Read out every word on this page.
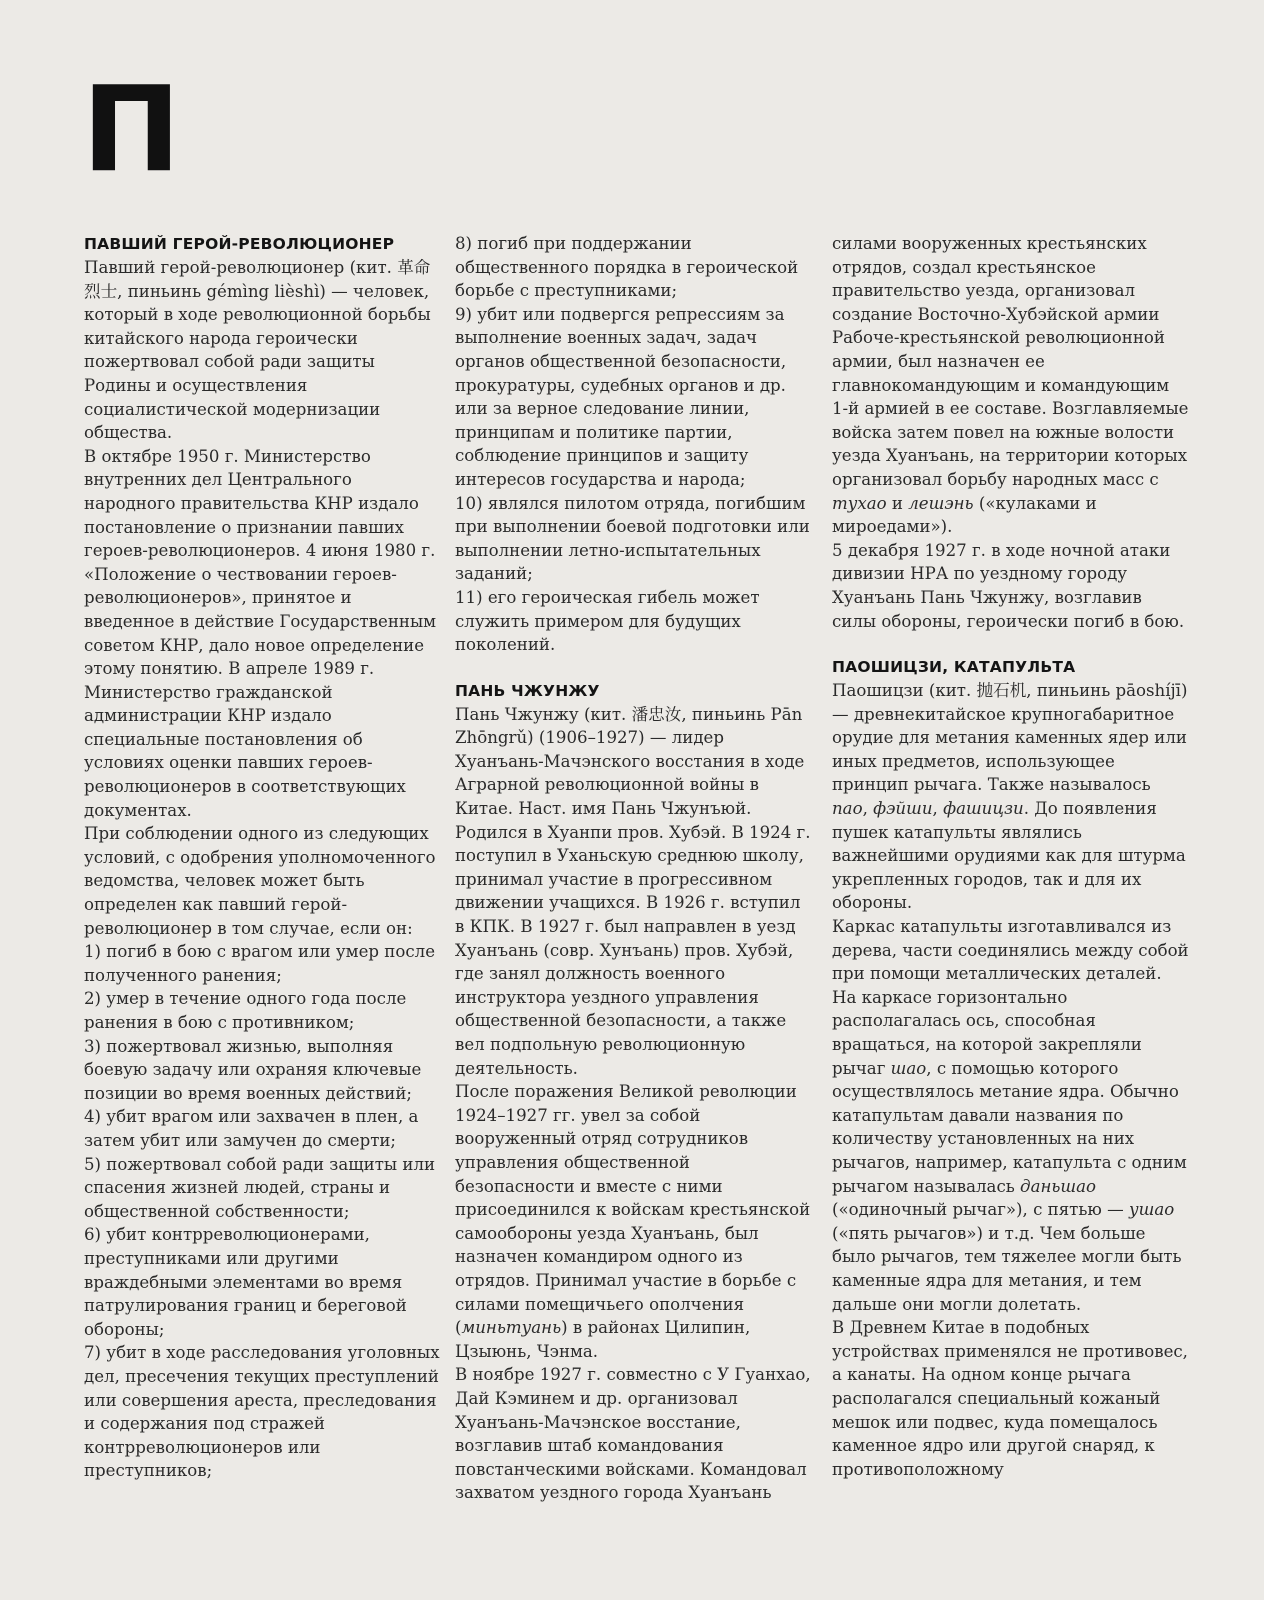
П

ПАВШИЙ ГЕРОЙ-РЕВОЛЮЦИОНЕР

Павший герой-революционер (кит. 革命烈士, пиньинь gémìng lièshì) — человек, который в ходе революционной борьбы китайского народа героически пожертвовал собой ради защиты Родины и осуществления социалистической модернизации общества.

В октябре 1950 г. Министерство внутренних дел Центрального народного правительства КНР издало постановление о признании павших героев-революционеров. 4 июня 1980 г. «Положение о чествовании героев-революционеров», принятое и введенное в действие Государственным советом КНР, дало новое определение этому понятию. В апреле 1989 г. Министерство гражданской администрации КНР издало специальные постановления об условиях оценки павших героев-революционеров в соответствующих документах.

При соблюдении одного из следующих условий, с одобрения уполномоченного ведомства, человек может быть определен как павший герой-революционер в том случае, если он:

1) погиб в бою с врагом или умер после полученного ранения;

2) умер в течение одного года после ранения в бою с противником;

3) пожертвовал жизнью, выполняя боевую задачу или охраняя ключевые позиции во время военных действий;

4) убит врагом или захвачен в плен, а затем убит или замучен до смерти;

5) пожертвовал собой ради защиты или спасения жизней людей, страны и общественной собственности;

6) убит контрреволюционерами, преступниками или другими враждебными элементами во время патрулирования границ и береговой обороны;

7) убит в ходе расследования уголовных дел, пресечения текущих преступлений или совершения ареста, преследования и содержания под стражей контрреволюционеров или преступников;

8) погиб при поддержании общественного порядка в героической борьбе с преступниками;

9) убит или подвергся репрессиям за выполнение военных задач, задач органов общественной безопасности, прокуратуры, судебных органов и др. или за верное следование линии, принципам и политике партии, соблюдение принципов и защиту интересов государства и народа;

10) являлся пилотом отряда, погибшим при выполнении боевой подготовки или выполнении летно-испытательных заданий;

11) его героическая гибель может служить примером для будущих поколений.

ПАНЬ ЧЖУНЖУ

Пань Чжунжу (кит. 潘忠汝, пиньинь Pān Zhōngrǔ) (1906–1927) — лидер Хуанъань-Мачэнского восстания в ходе Аграрной революционной войны в Китае. Наст. имя Пань Чжунъюй.

Родился в Хуанпи пров. Хубэй. В 1924 г. поступил в Уханьскую среднюю школу, принимал участие в прогрессивном движении учащихся. В 1926 г. вступил в КПК. В 1927 г. был направлен в уезд Хуанъань (совр. Хунъань) пров. Хубэй, где занял должность военного инструктора уездного управления общественной безопасности, а также вел подпольную революционную деятельность.

После поражения Великой революции 1924–1927 гг. увел за собой вооруженный отряд сотрудников управления общественной безопасности и вместе с ними присоединился к войскам крестьянской самообороны уезда Хуанъань, был назначен командиром одного из отрядов. Принимал участие в борьбе с силами помещичьего ополчения (миньтуань) в районах Цилипин, Цзыюнь, Чэнма.

В ноябре 1927 г. совместно с У Гуанхао, Дай Кэминем и др. организовал Хуанъань-Мачэнское восстание, возглавив штаб командования повстанческими войсками. Командовал захватом уездного города Хуанъань

силами вооруженных крестьянских отрядов, создал крестьянское правительство уезда, организовал создание Восточно-Хубэйской армии Рабоче-крестьянской революционной армии, был назначен ее главнокомандующим и командующим 1-й армией в ее составе. Возглавляемые войска затем повел на южные волости уезда Хуанъань, на территории которых организовал борьбу народных масс с тухао и лешэнь («кулаками и мироедами»).

5 декабря 1927 г. в ходе ночной атаки дивизии НРА по уездному городу Хуанъань Пань Чжунжу, возглавив силы обороны, героически погиб в бою.

ПАОШИЦЗИ, КАТАПУЛЬТА

Паошицзи (кит. 抛石机, пиньинь pāoshíjī) — древнекитайское крупногабаритное орудие для метания каменных ядер или иных предметов, использующее принцип рычага. Также называлось пао, фэйши, фашицзи. До появления пушек катапульты являлись важнейшими орудиями как для штурма укрепленных городов, так и для их обороны.

Каркас катапульты изготавливался из дерева, части соединялись между собой при помощи металлических деталей. На каркасе горизонтально располагалась ось, способная вращаться, на которой закрепляли рычаг шао, с помощью которого осуществлялось метание ядра. Обычно катапультам давали названия по количеству установленных на них рычагов, например, катапульта с одним рычагом называлась даньшао («одиночный рычаг»), с пятью — ушао («пять рычагов») и т.д. Чем больше было рычагов, тем тяжелее могли быть каменные ядра для метания, и тем дальше они могли долетать.

В Древнем Китае в подобных устройствах применялся не противовес, а канаты. На одном конце рычага располагался специальный кожаный мешок или подвес, куда помещалось каменное ядро или другой снаряд, к противоположному
